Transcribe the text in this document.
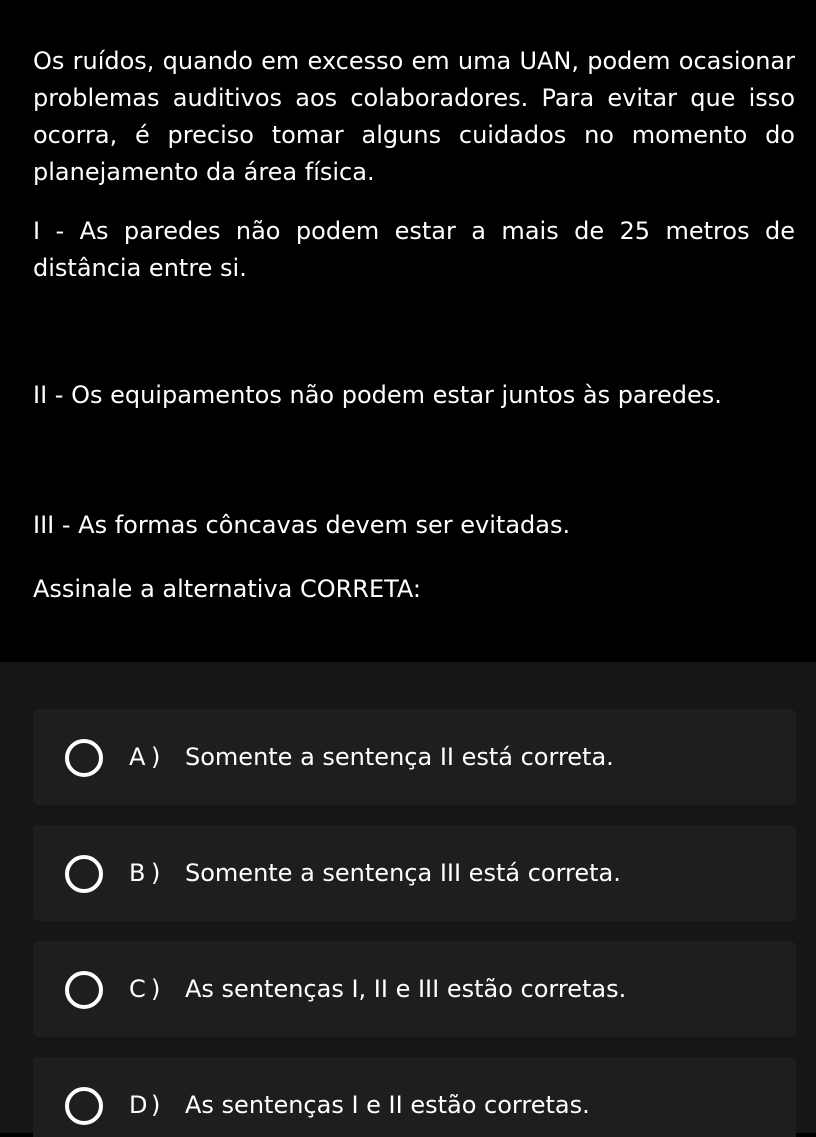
Os ruídos, quando em excesso em uma UAN, podem ocasionar problemas auditivos aos colaboradores. Para evitar que isso ocorra, é preciso tomar alguns cuidados no momento do planejamento da área física.

I - As paredes não podem estar a mais de 25 metros de distância entre si.

II - Os equipamentos não podem estar juntos às paredes.

III - As formas côncavas devem ser evitadas.

Assinale a alternativa CORRETA:

A ) Somente a sentença II está correta.
B ) Somente a sentença III está correta.
C ) As sentenças I, II e III estão corretas.
D ) As sentenças I e II estão corretas.
